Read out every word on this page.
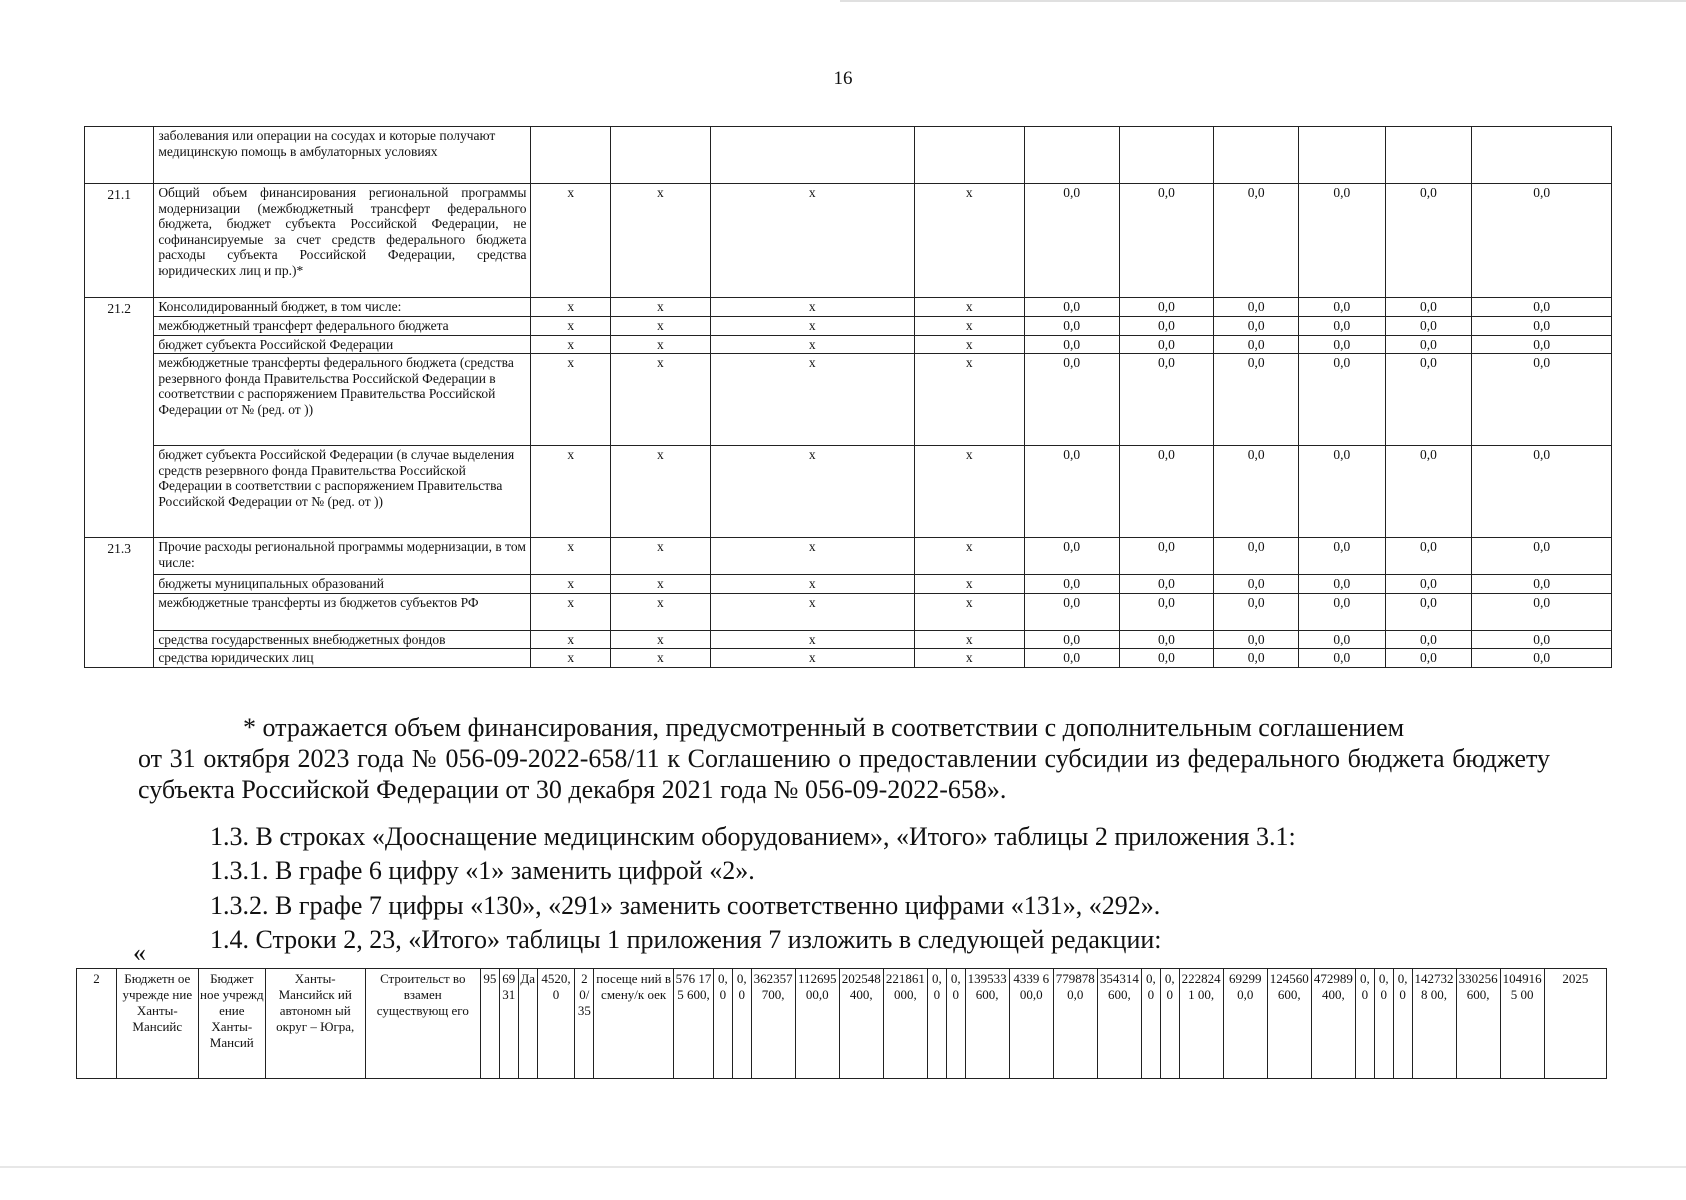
16
	заболевания или операции на сосудах и которые получают медицинскую помощь в амбулаторных условиях										
21.1	Общий объем финансирования региональной программы модернизации (межбюджетный трансферт федерального бюджета, бюджет субъекта Российской Федерации, не софинансируемые за счет средств федерального бюджета расходы субъекта Российской Федерации, средства юридических лиц и пр.)*	x	x	x	x	0,0	0,0	0,0	0,0	0,0	0,0
21.2	Консолидированный бюджет, в том числе:	x	x	x	x	0,0	0,0	0,0	0,0	0,0	0,0
	межбюджетный трансферт федерального бюджета	x	x	x	x	0,0	0,0	0,0	0,0	0,0	0,0
	бюджет субъекта Российской Федерации	x	x	x	x	0,0	0,0	0,0	0,0	0,0	0,0
	межбюджетные трансферты федерального бюджета (средства резервного фонда Правительства Российской Федерации в соответствии с распоряжением Правительства Российской Федерации от № (ред. от ))	x	x	x	x	0,0	0,0	0,0	0,0	0,0	0,0
	бюджет субъекта Российской Федерации (в случае выделения средств резервного фонда Правительства Российской Федерации в соответствии с распоряжением Правительства Российской Федерации от № (ред. от ))	x	x	x	x	0,0	0,0	0,0	0,0	0,0	0,0
21.3	Прочие расходы региональной программы модернизации, в том числе:	x	x	x	x	0,0	0,0	0,0	0,0	0,0	0,0
	бюджеты муниципальных образований	x	x	x	x	0,0	0,0	0,0	0,0	0,0	0,0
	межбюджетные трансферты из бюджетов субъектов РФ	x	x	x	x	0,0	0,0	0,0	0,0	0,0	0,0
	средства государственных внебюджетных фондов	x	x	x	x	0,0	0,0	0,0	0,0	0,0	0,0
	средства юридических лиц	x	x	x	x	0,0	0,0	0,0	0,0	0,0	0,0
* отражается объем финансирования, предусмотренный в соответствии с дополнительным соглашением
от 31 октября 2023 года № 056-09-2022-658/11 к Соглашению о предоставлении субсидии из федерального бюджета бюджету субъекта Российской Федерации от 30 декабря 2021 года № 056-09-2022-658».
1.3. В строках «Дооснащение медицинским оборудованием», «Итого» таблицы 2 приложения 3.1:
1.3.1. В графе 6 цифру «1» заменить цифрой «2».
1.3.2. В графе 7 цифры «130», «291» заменить соответственно цифрами «131», «292».
1.4. Строки 2, 23, «Итого» таблицы 1 приложения 7 изложить в следующей редакции:
«
2	Бюджетн ое учрежде ние Ханты-Мансийс	Бюджет ное учрежд ение Ханты-Мансий	Ханты-Мансийск ий автономн ый округ – Югра,	Строительст во взамен существующ его	95	6931	Да	4520,0	20/35	посеще ний в смену/к оек	576 175 600,	0,0	0,0	362357 700,	112695 00,0	202548 400,	221861 000,	0,0	0,0	139533 600,	4339 600,0	7798780,0	354314 600,	0,0	0,0	2228241 00,	692990,0	124560 600,	472989 400,	0,0	0,0	0,0	1427328 00,	330256 600,	1049165 00	2025
